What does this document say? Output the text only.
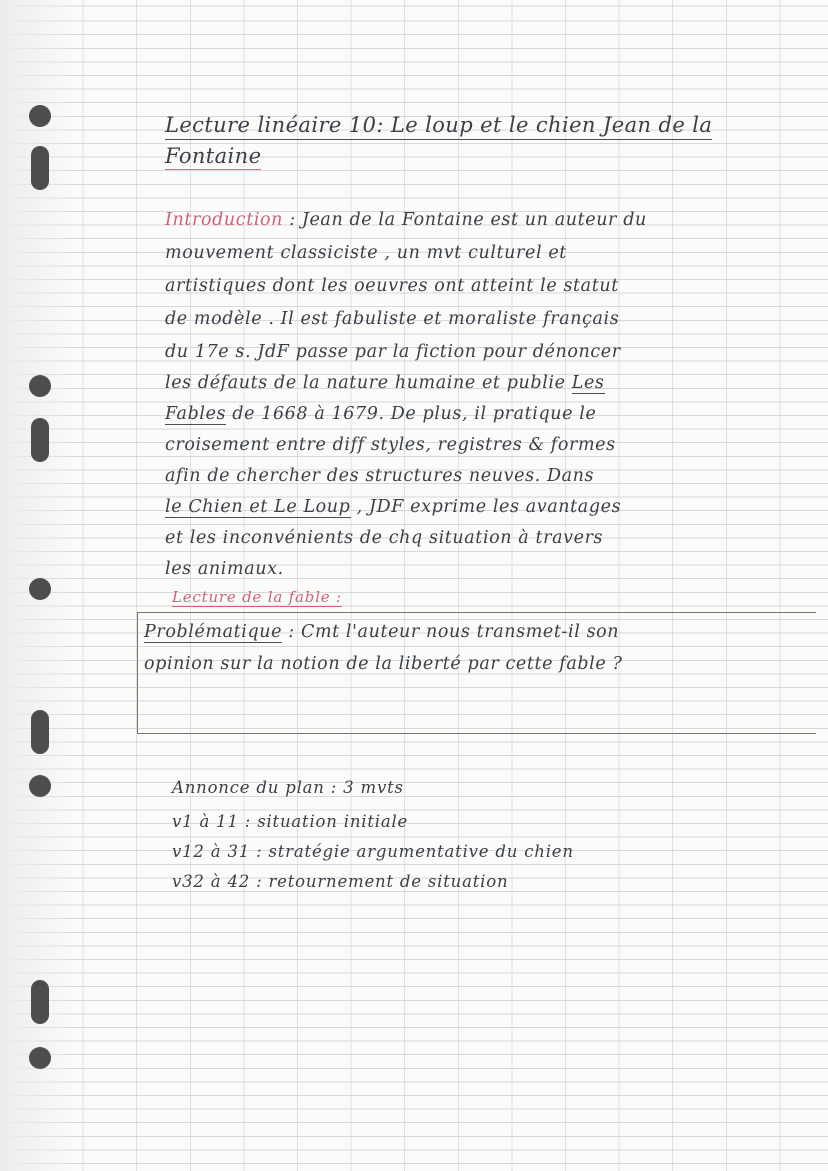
Lecture linéaire 10: Le loup et le chien Jean de la
Fontaine
Introduction : Jean de la Fontaine est un auteur du
mouvement classiciste , un mvt culturel et
artistiques dont les oeuvres ont atteint le statut
de modèle . Il est fabuliste et moraliste français
du 17e s. JdF passe par la fiction pour dénoncer
les défauts de la nature humaine et publie Les
Fables de 1668 à 1679. De plus, il pratique le
croisement entre diff styles, registres & formes
afin de chercher des structures neuves. Dans
le Chien et Le Loup , JDF exprime les avantages
et les inconvénients de chq situation à travers
les animaux.
Lecture de la fable :
Problématique : Cmt l'auteur nous transmet-il son
opinion sur la notion de la liberté par cette fable ?
Annonce du plan : 3 mvts
v1 à 11 : situation initiale
v12 à 31 : stratégie argumentative du chien
v32 à 42 : retournement de situation
